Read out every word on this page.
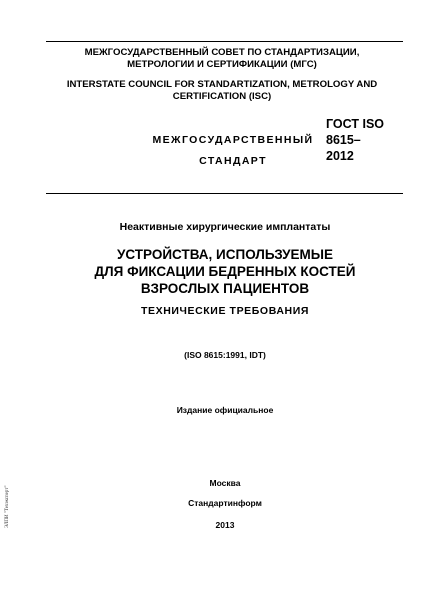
МЕЖГОСУДАРСТВЕННЫЙ СОВЕТ ПО СТАНДАРТИЗАЦИИ, МЕТРОЛОГИИ И СЕРТИФИКАЦИИ (МГС)
INTERSTATE COUNCIL FOR STANDARTIZATION, METROLOGY AND CERTIFICATION (ISC)
МЕЖГОСУДАРСТВЕННЫЙ
СТАНДАРТ
ГОСТ ISO
8615–
2012
Неактивные хирургические имплантаты
УСТРОЙСТВА, ИСПОЛЬЗУЕМЫЕ
ДЛЯ ФИКСАЦИИ БЕДРЕННЫХ КОСТЕЙ
ВЗРОСЛЫХ ПАЦИЕНТОВ
ТЕХНИЧЕСКИЕ ТРЕБОВАНИЯ
(ISO 8615:1991, IDT)
Издание официальное
Москва
Стандартинформ
2013
ЭЛПИ "Техэксперт"
